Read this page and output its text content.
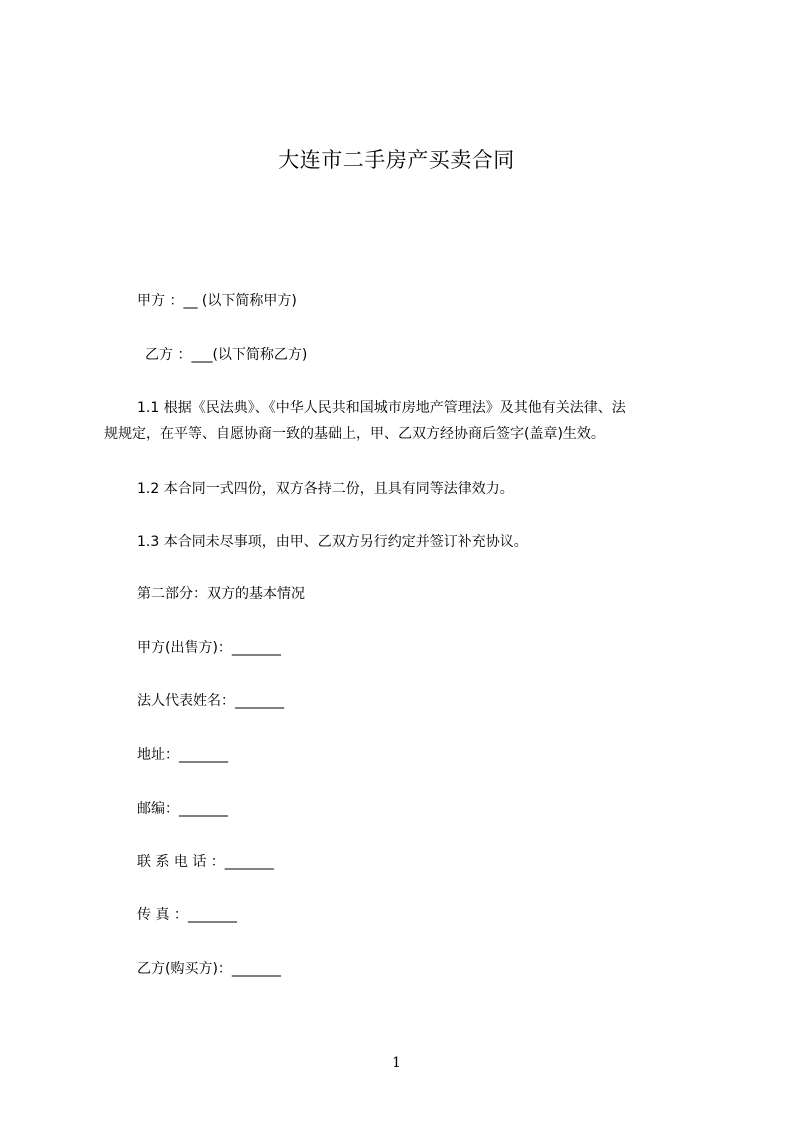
大连市二手房产买卖合同
甲方 ：__ (以下简称甲方)
乙方 ：___(以下简称乙方)
1.1 根据《民法典》、《中华人民共和国城市房地产管理法》及其他有关法律、法
规规定，在平等、自愿协商一致的基础上，甲、乙双方经协商后签字(盖章)生效。
1.2 本合同一式四份，双方各持二份，且具有同等法律效力。
1.3 本合同未尽事项，由甲、乙双方另行约定并签订补充协议。
第二部分：双方的基本情况
甲方(出售方)：_______
法人代表姓名：_______
地址：_______
邮编：_______
联 系 电 话 ：_______
传 真 ：_______
乙方(购买方)：_______
1
